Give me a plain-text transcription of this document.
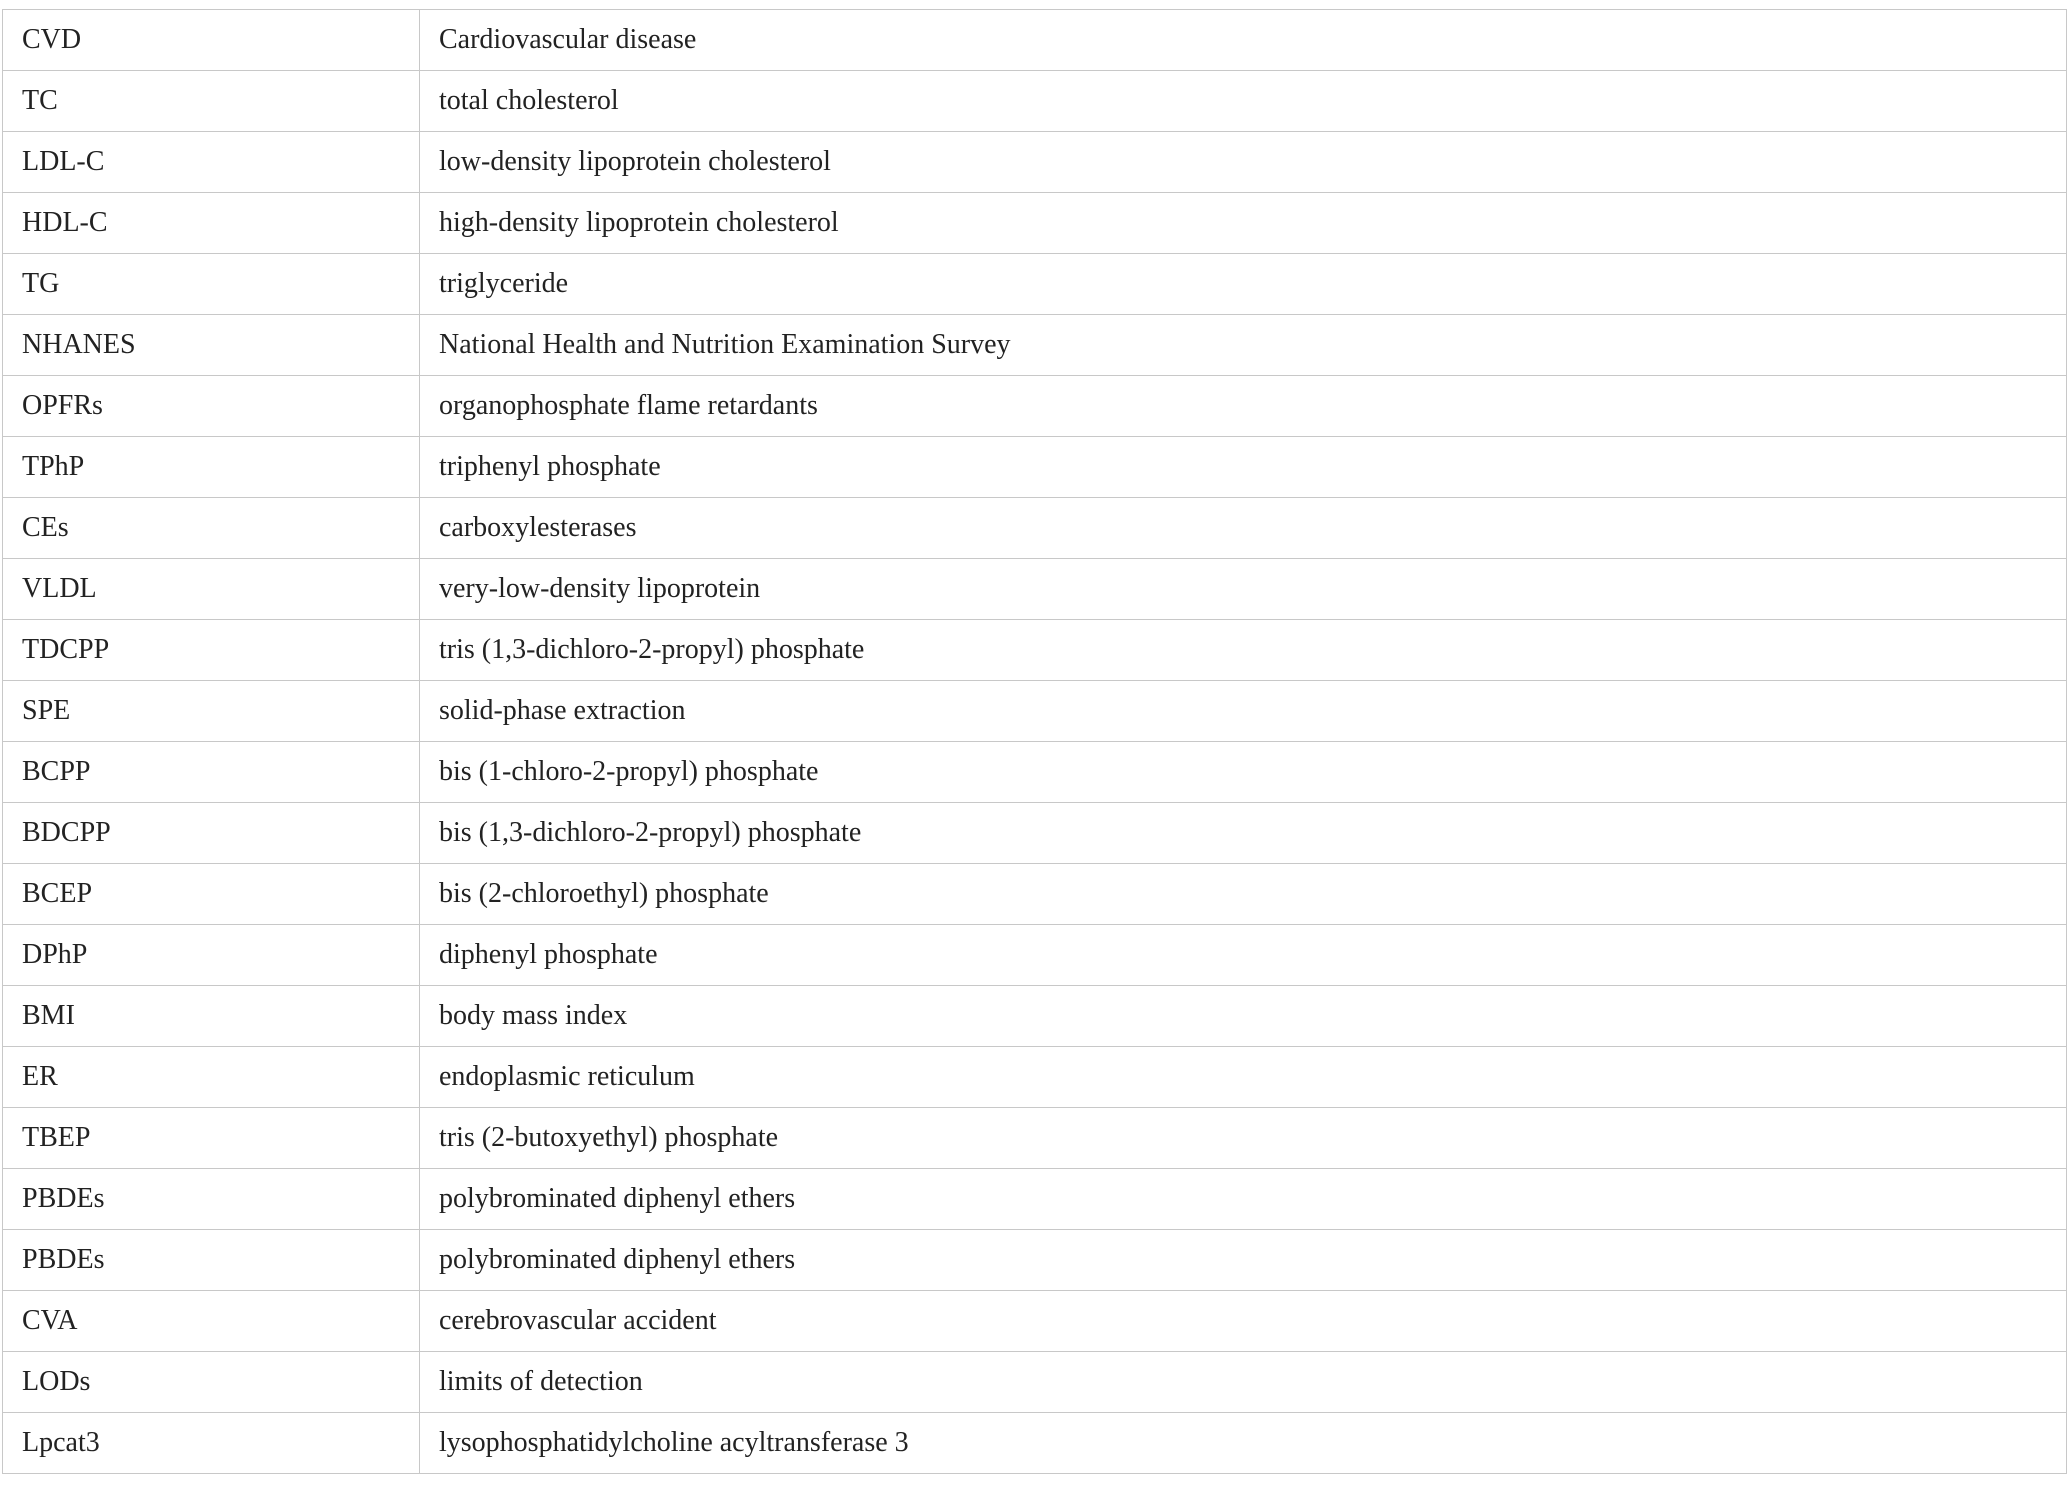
CVD	Cardiovascular disease
TC	total cholesterol
LDL-C	low-density lipoprotein cholesterol
HDL-C	high-density lipoprotein cholesterol
TG	triglyceride
NHANES	National Health and Nutrition Examination Survey
OPFRs	organophosphate flame retardants
TPhP	triphenyl phosphate
CEs	carboxylesterases
VLDL	very-low-density lipoprotein
TDCPP	tris (1,3-dichloro-2-propyl) phosphate
SPE	solid-phase extraction
BCPP	bis (1-chloro-2-propyl) phosphate
BDCPP	bis (1,3-dichloro-2-propyl) phosphate
BCEP	bis (2-chloroethyl) phosphate
DPhP	diphenyl phosphate
BMI	body mass index
ER	endoplasmic reticulum
TBEP	tris (2-butoxyethyl) phosphate
PBDEs	polybrominated diphenyl ethers
PBDEs	polybrominated diphenyl ethers
CVA	cerebrovascular accident
LODs	limits of detection
Lpcat3	lysophosphatidylcholine acyltransferase 3
